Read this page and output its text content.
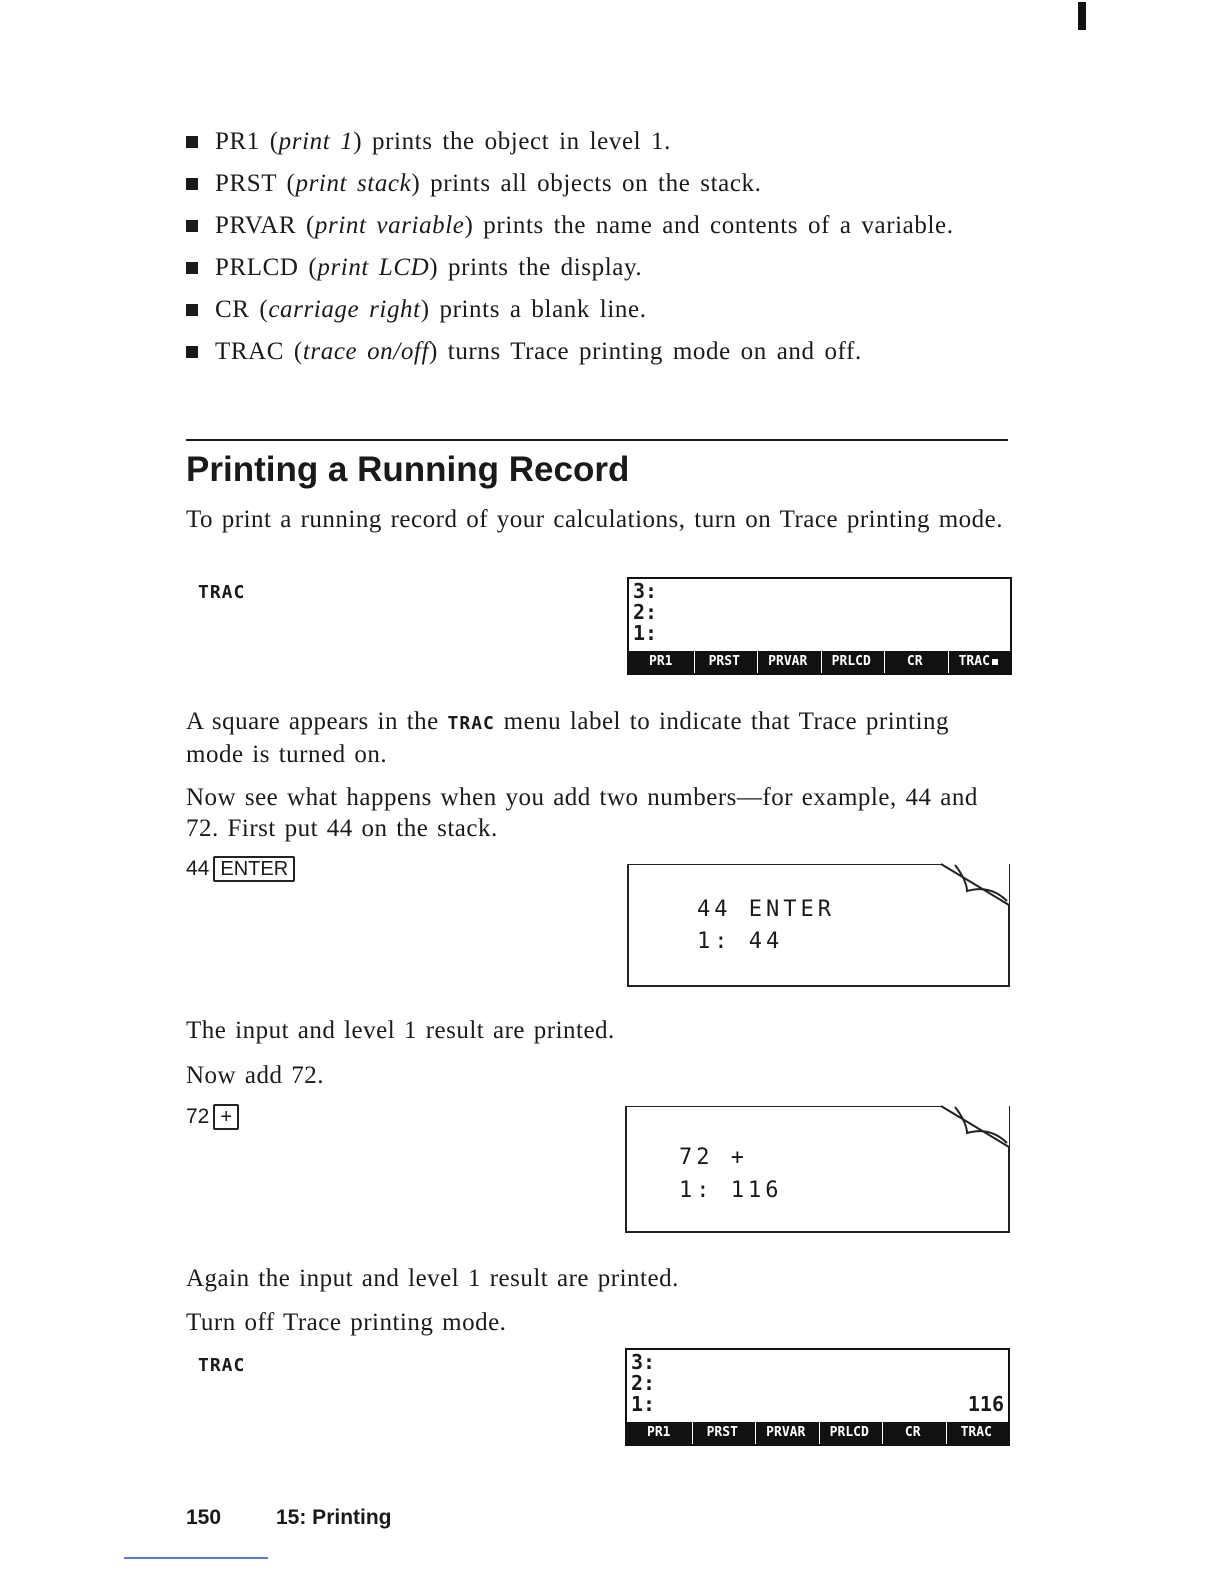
PR1 (print 1) prints the object in level 1.
PRST (print stack) prints all objects on the stack.
PRVAR (print variable) prints the name and contents of a variable.
PRLCD (print LCD) prints the display.
CR (carriage right) prints a blank line.
TRAC (trace on/off) turns Trace printing mode on and off.
Printing a Running Record
To print a running record of your calculations, turn on Trace printing mode.
TRAC	3:
2:
1:
PR1	PRST	PRVAR	PRLCD	CR	TRAC
A square appears in the TRAC menu label to indicate that Trace printing mode is turned on.
Now see what happens when you add two numbers—for example, 44 and 72. First put 44 on the stack.
44 ENTER
44 ENTER
1: 44
The input and level 1 result are printed.
Now add 72.
72 +
72 +
1: 116
Again the input and level 1 result are printed.
Turn off Trace printing mode.
TRAC	3:
2:
1:	116
PR1	PRST	PRVAR	PRLCD	CR	TRAC
150	15: Printing
